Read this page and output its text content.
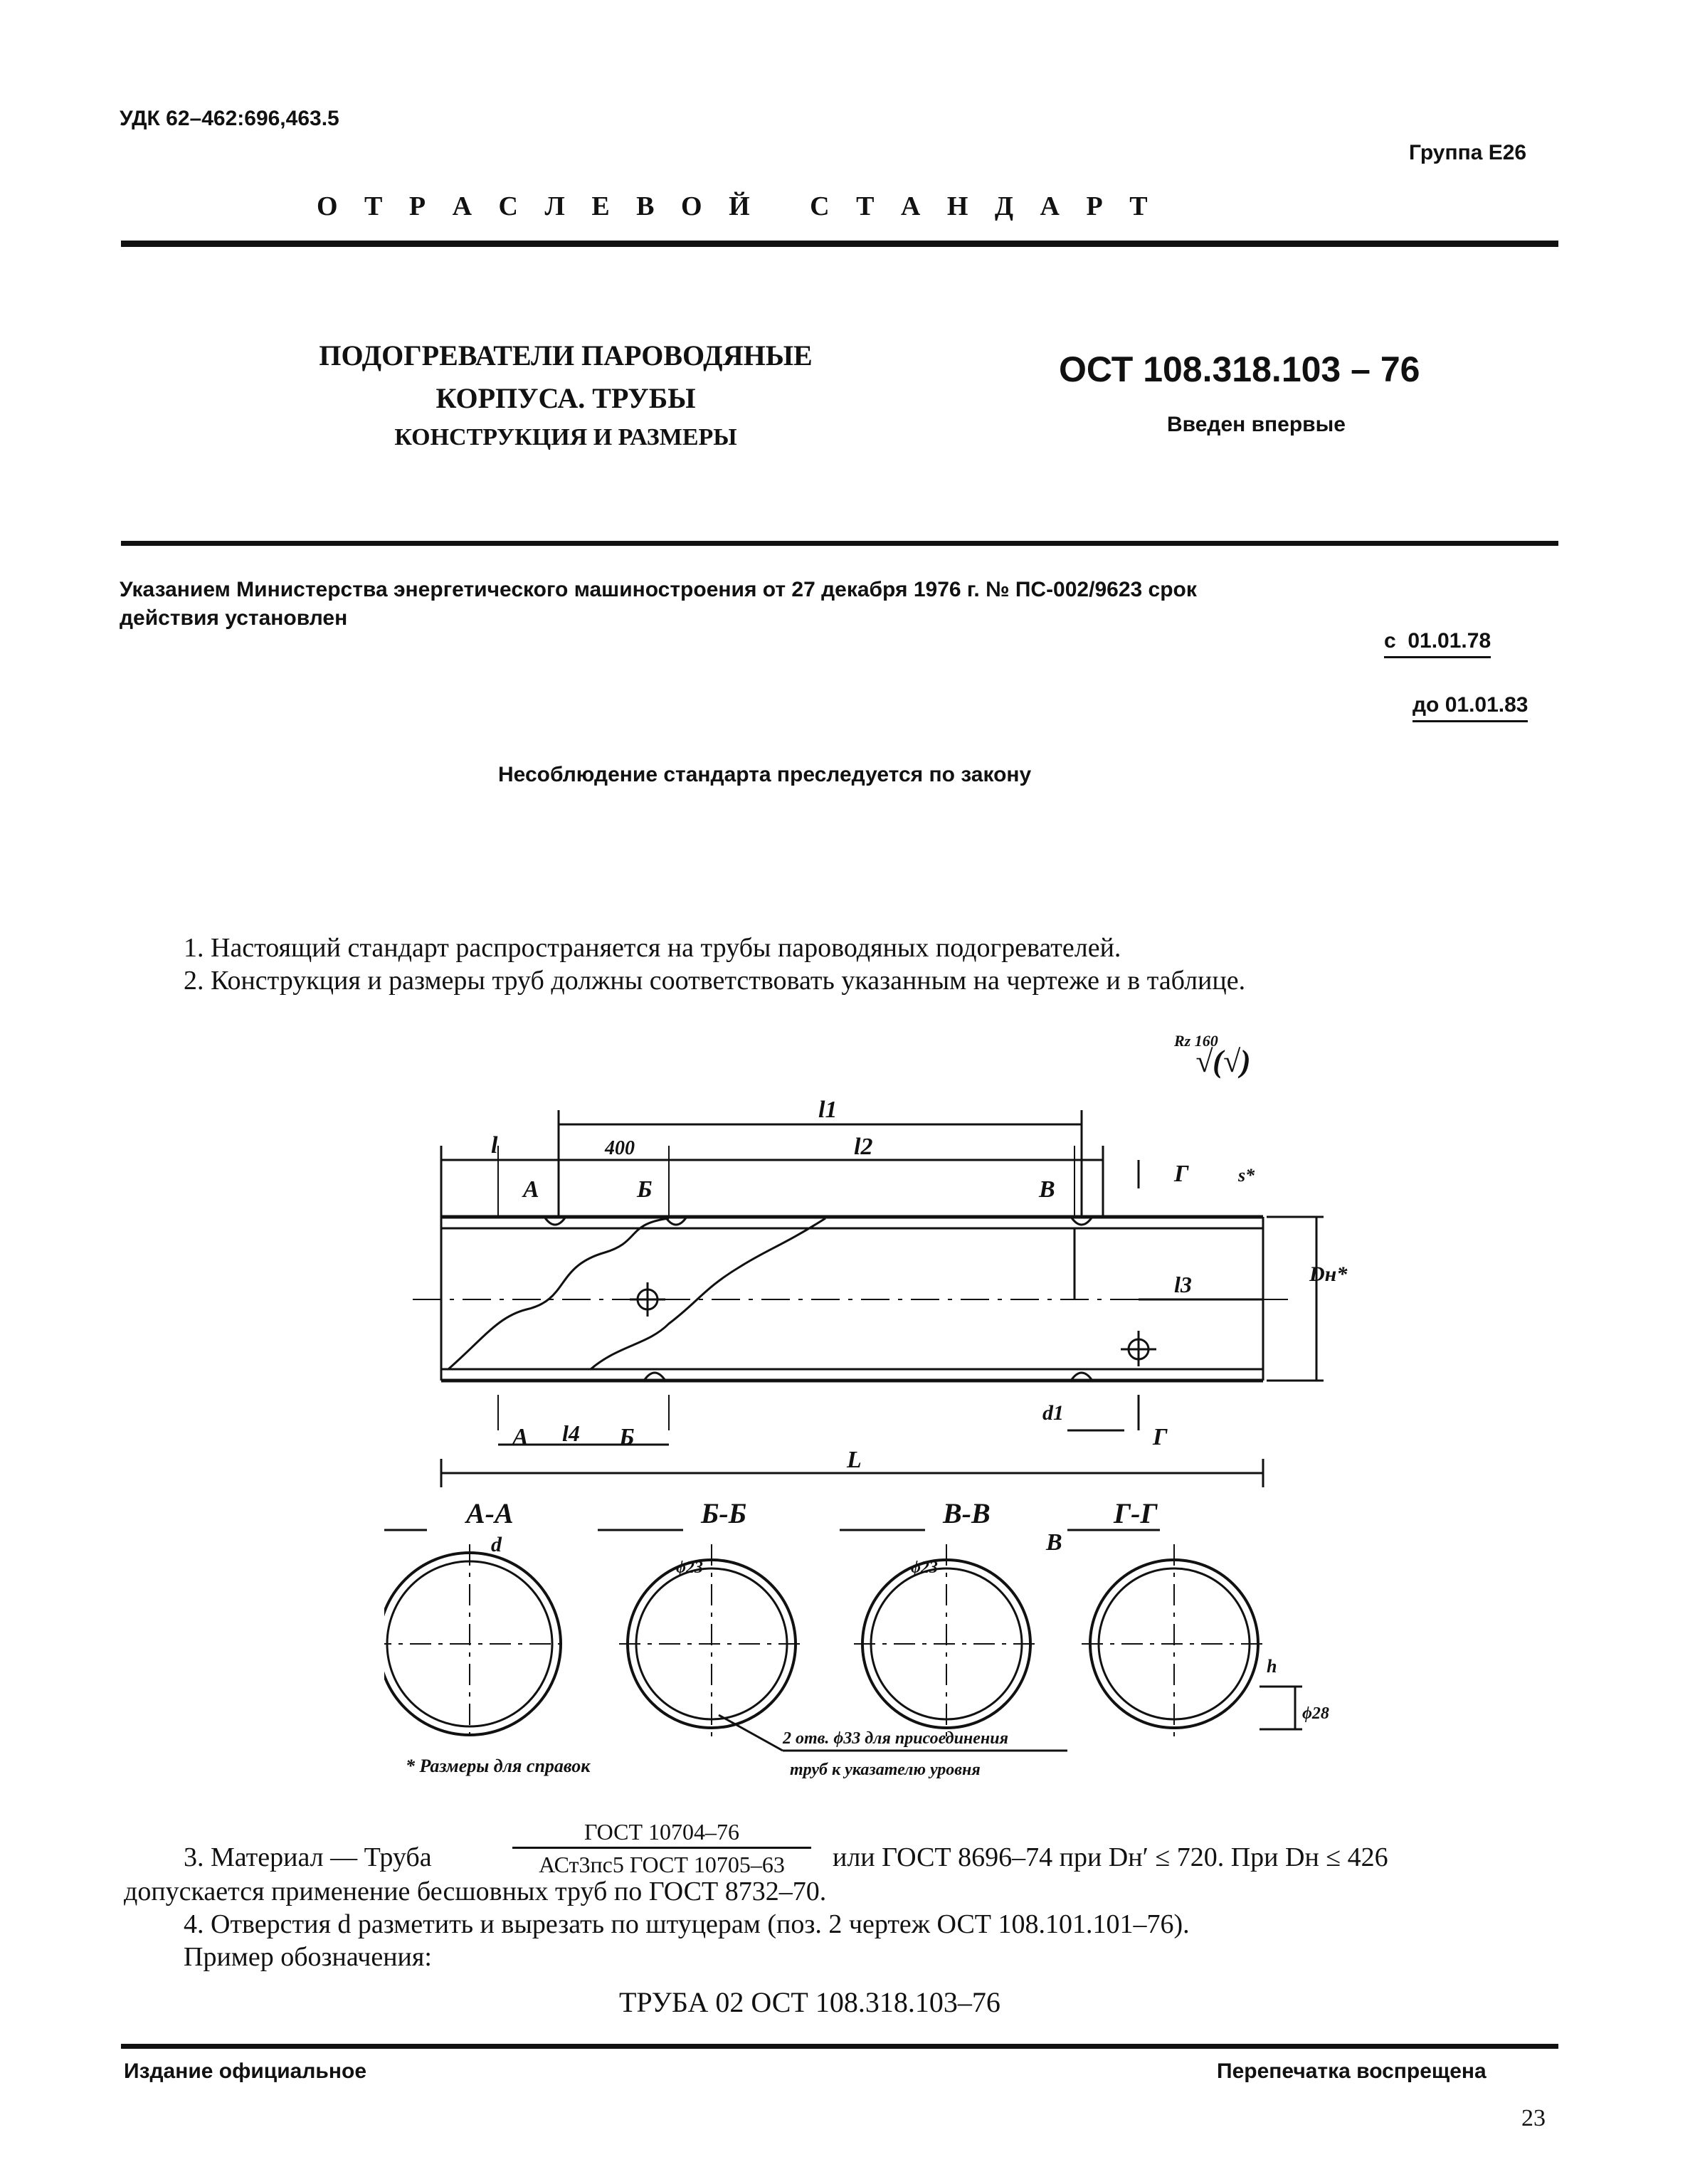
УДК 62–462:696,463.5
Группа Е26
О Т Р А С Л Е В О Й   С Т А Н Д А Р Т
ПОДОГРЕВАТЕЛИ ПАРОВОДЯНЫЕ
КОРПУСА. ТРУБЫ
КОНСТРУКЦИЯ И РАЗМЕРЫ
ОСТ 108.318.103 – 76
Введен впервые
Указанием Министерства энергетического машиностроения от 27 декабря 1976 г. № ПС-002/9623 срок
действия установлен
с  01.01.78
до 01.01.83
Несоблюдение стандарта преследуется по закону
1. Настоящий стандарт распространяется на трубы пароводяных подогревателей.
2. Конструкция и размеры труб должны соответствовать указанным на чертеже и в таблице.
Rz 160
√(√)
l	400
l1
l2
l3
l4
L
Dн*
s*
d1
А	Б	В
Г
А	Б	Г
В
А-А	Б-Б	В-В	Г-Г
d
ϕ23	ϕ23
h
ϕ28
* Размеры для справок
2 отв. ϕ33 для присоединения
труб к указателю уровня
3. Материал — Труба
ГОСТ 10704–76
АСт3пс5 ГОСТ 10705–63	или ГОСТ 8696–74 при Dн′ ≤ 720. При Dн ≤ 426
допускается применение бесшовных труб по ГОСТ 8732–70.
4. Отверстия d разметить и вырезать по штуцерам (поз. 2 чертеж ОСТ 108.101.101–76).
Пример обозначения:
ТРУБА 02 ОСТ 108.318.103–76
Издание официальное	Перепечатка воспрещена
23
